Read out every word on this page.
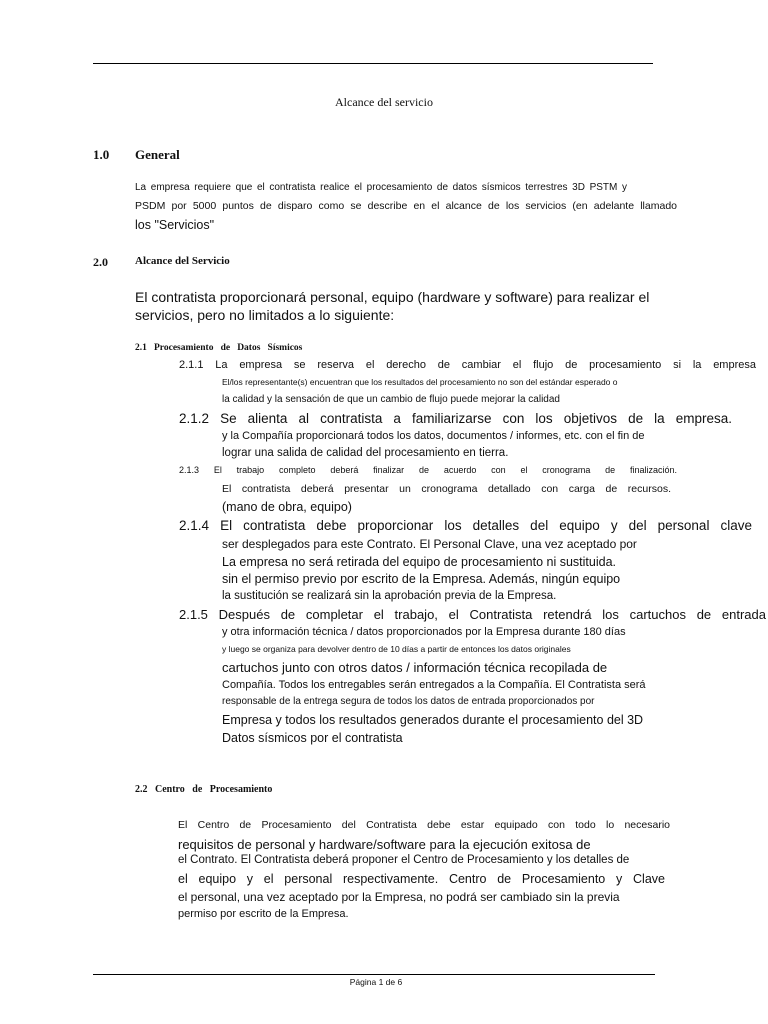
Alcance del servicio
1.0 General
La empresa requiere que el contratista realice el procesamiento de datos sísmicos terrestres 3D PSTM y
PSDM por 5000 puntos de disparo como se describe en el alcance de los servicios (en adelante llamado
los "Servicios"
2.0 Alcance del Servicio
El contratista proporcionará personal, equipo (hardware y software) para realizar el
servicios, pero no limitados a lo siguiente:
2.1   Procesamiento   de   Datos   Sísmicos
2.1.1  La  empresa  se  reserva  el  derecho  de  cambiar  el  flujo  de  procesamiento  si  la  empresa
El/los representante(s) encuentran que los resultados del procesamiento no son del estándar esperado o
la calidad y la sensación de que un cambio de flujo puede mejorar la calidad
2.1.2  Se  alienta  al  contratista  a  familiarizarse  con  los  objetivos  de  la  empresa.
y la Compañía proporcionará todos los datos, documentos / informes, etc. con el fin de
lograr una salida de calidad del procesamiento en tierra.
2.1.3  El  trabajo  completo  deberá  finalizar  de  acuerdo  con  el  cronograma  de  finalización.
El contratista deberá presentar un cronograma detallado con carga de recursos.
(mano de obra, equipo)
2.1.4  El  contratista  debe  proporcionar  los  detalles  del  equipo  y  del  personal  clave
ser desplegados para este Contrato. El Personal Clave, una vez aceptado por
La empresa no será retirada del equipo de procesamiento ni sustituida.
sin el permiso previo por escrito de la Empresa. Además, ningún equipo
la sustitución se realizará sin la aprobación previa de la Empresa.
2.1.5  Después  de  completar  el  trabajo,  el  Contratista  retendrá  los  cartuchos  de  entrada
y otra información técnica / datos proporcionados por la Empresa durante 180 días
y luego se organiza para devolver dentro de 10 días a partir de entonces los datos originales
cartuchos junto con otros datos / información técnica recopilada de
Compañía. Todos los entregables serán entregados a la Compañía. El Contratista será
responsable de la entrega segura de todos los datos de entrada proporcionados por
Empresa y todos los resultados generados durante el procesamiento del 3D
Datos sísmicos por el contratista
2.2   Centro   de   Procesamiento
El Centro de Procesamiento del Contratista debe estar equipado con todo lo necesario
requisitos de personal y hardware/software para la ejecución exitosa de
el Contrato. El Contratista deberá proponer el Centro de Procesamiento y los detalles de
el equipo y el personal respectivamente. Centro de Procesamiento y Clave
el personal, una vez aceptado por la Empresa, no podrá ser cambiado sin la previa
permiso por escrito de la Empresa.
Página 1 de 6
